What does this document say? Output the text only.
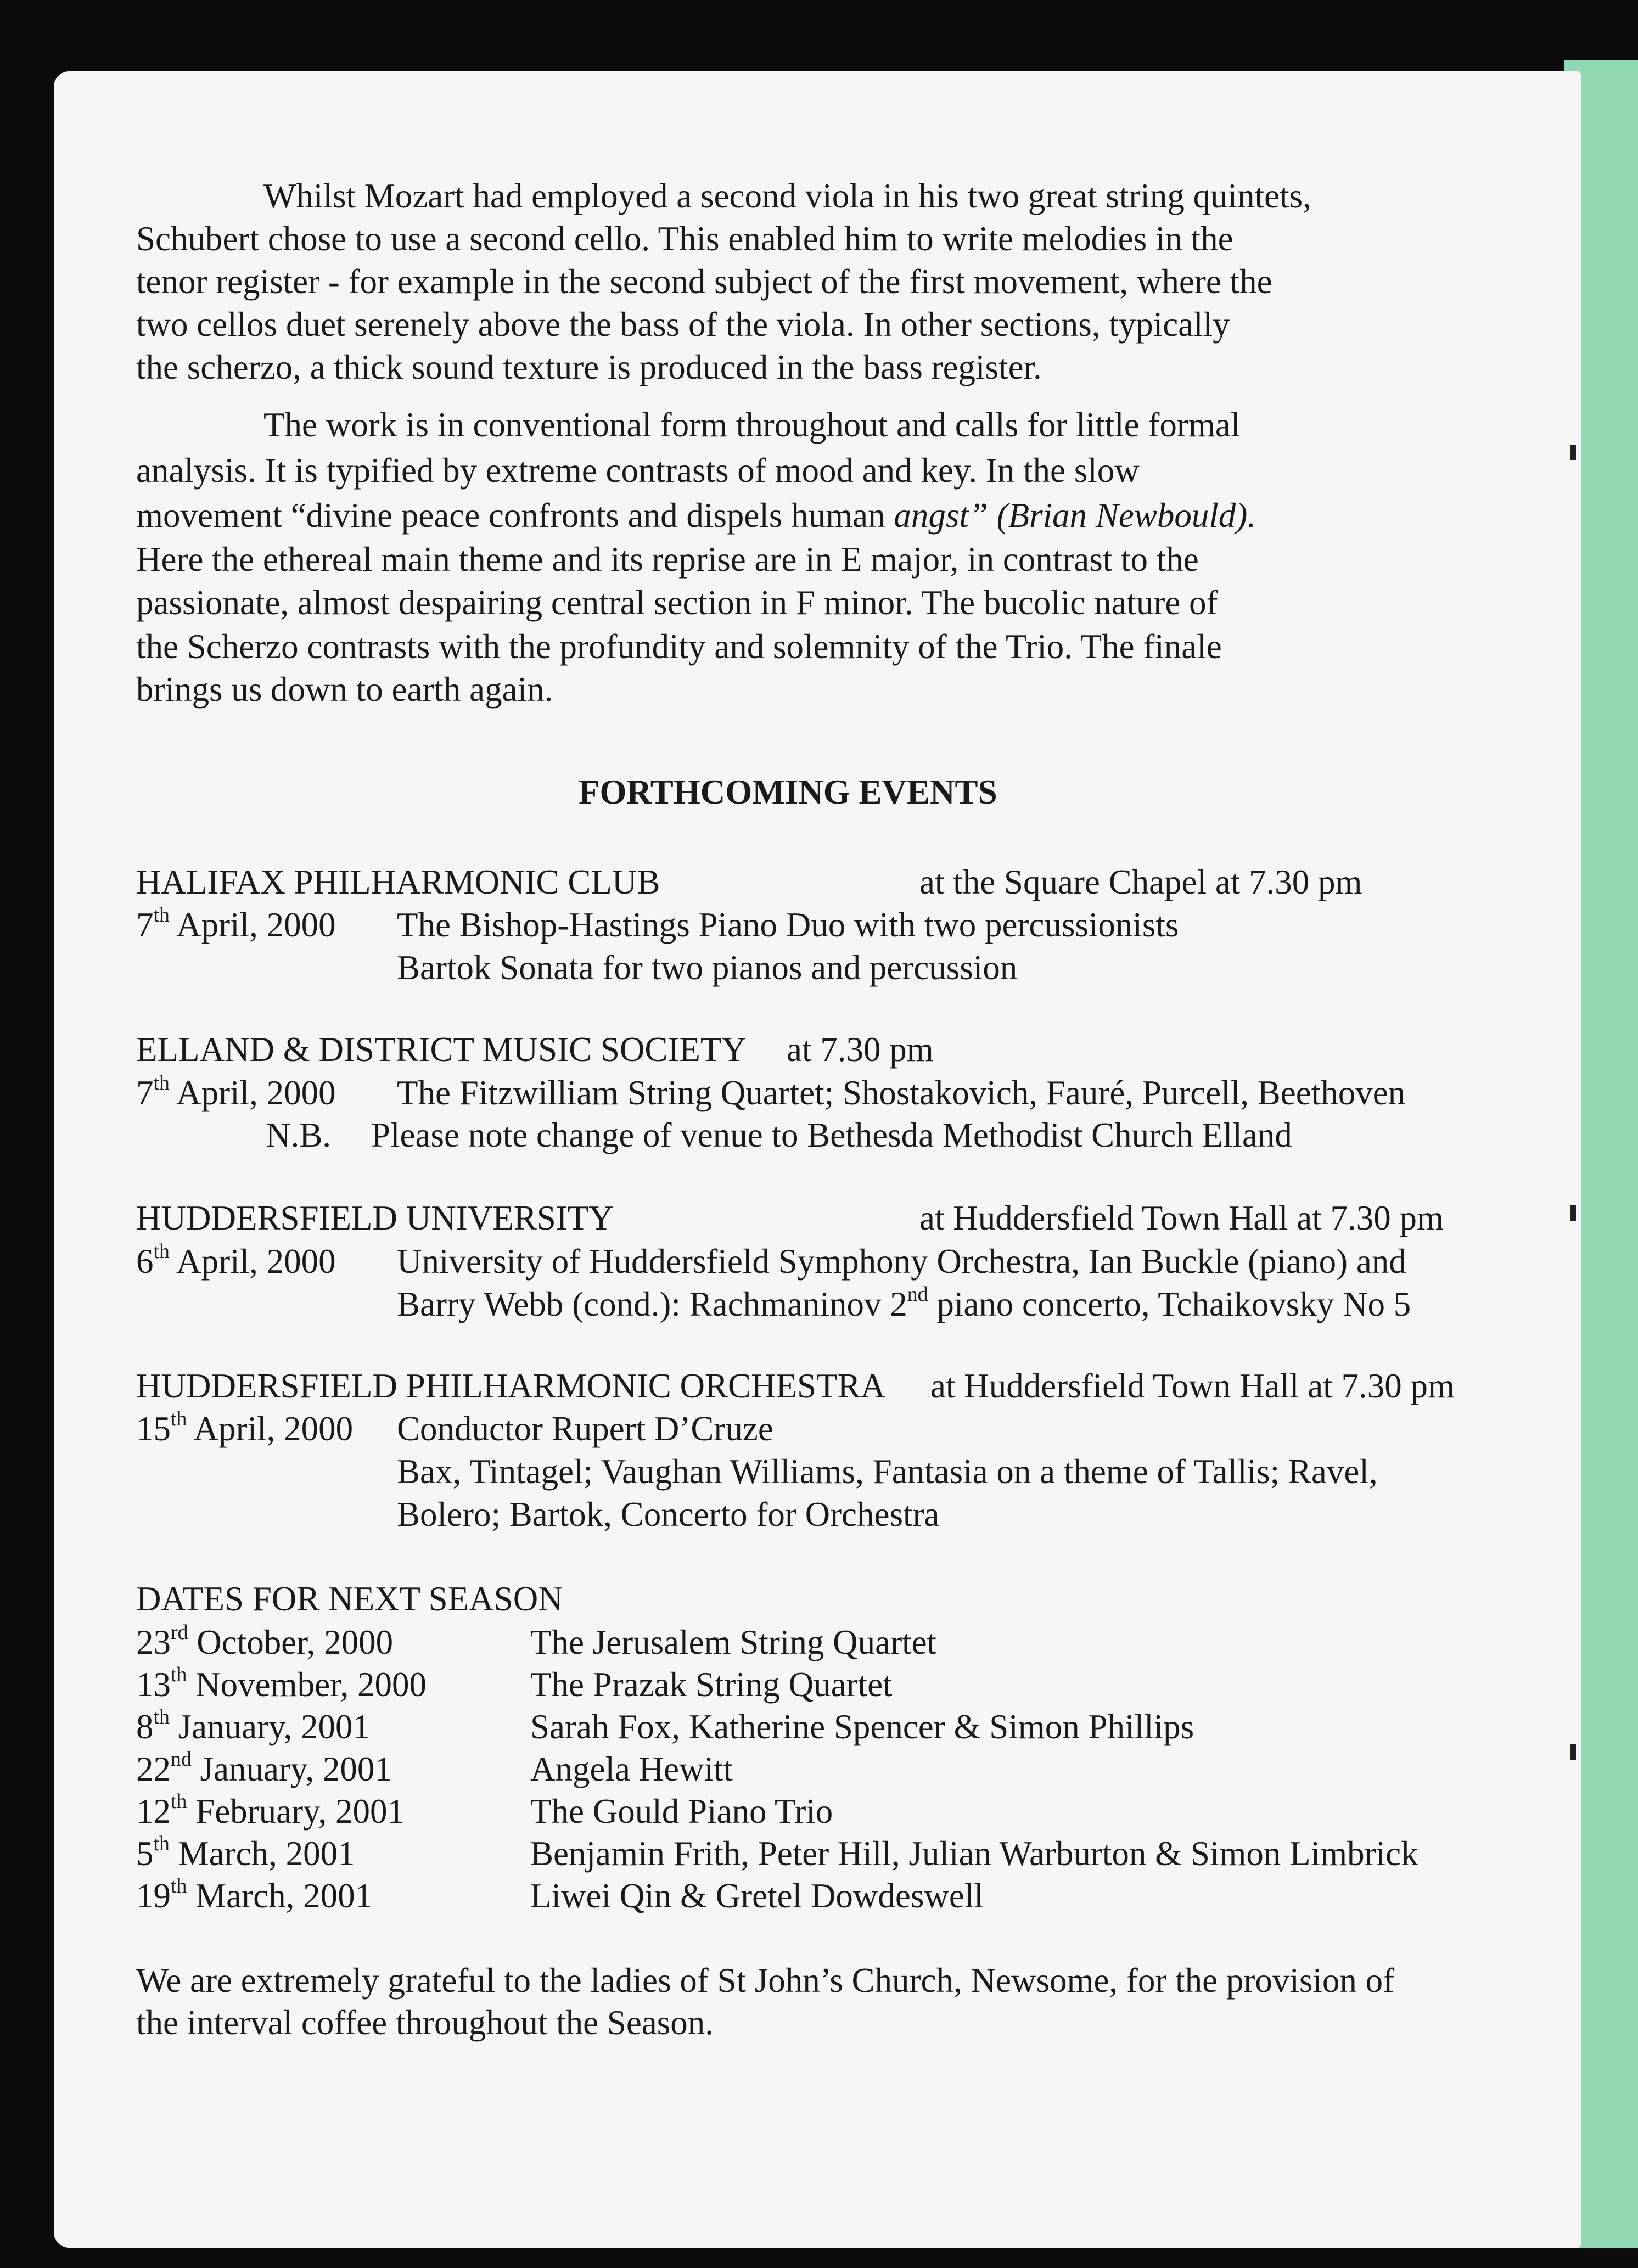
Whilst Mozart had employed a second viola in his two great string quintets,
Schubert chose to use a second cello. This enabled him to write melodies in the
tenor register - for example in the second subject of the first movement, where the
two cellos duet serenely above the bass of the viola. In other sections, typically
the scherzo, a thick sound texture is produced in the bass register.
The work is in conventional form throughout and calls for little formal
analysis. It is typified by extreme contrasts of mood and key. In the slow
movement “divine peace confronts and dispels human angst” (Brian Newbould).
Here the ethereal main theme and its reprise are in E major, in contrast to the
passionate, almost despairing central section in F minor. The bucolic nature of
the Scherzo contrasts with the profundity and solemnity of the Trio. The finale
brings us down to earth again.
FORTHCOMING EVENTS
HALIFAX PHILHARMONIC CLUB	at the Square Chapel at 7.30 pm
7th April, 2000 The Bishop-Hastings Piano Duo with two percussionists
Bartok Sonata for two pianos and percussion
ELLAND & DISTRICT MUSIC SOCIETY at 7.30 pm
7th April, 2000 The Fitzwilliam String Quartet; Shostakovich, Fauré, Purcell, Beethoven
N.B. Please note change of venue to Bethesda Methodist Church Elland
HUDDERSFIELD UNIVERSITY	at Huddersfield Town Hall at 7.30 pm
6th April, 2000 University of Huddersfield Symphony Orchestra, Ian Buckle (piano) and
Barry Webb (cond.): Rachmaninov 2nd piano concerto, Tchaikovsky No 5
HUDDERSFIELD PHILHARMONIC ORCHESTRA at Huddersfield Town Hall at 7.30 pm
15th April, 2000 Conductor Rupert D’Cruze
Bax, Tintagel; Vaughan Williams, Fantasia on a theme of Tallis; Ravel,
Bolero; Bartok, Concerto for Orchestra
DATES FOR NEXT SEASON
23rd October, 2000	The Jerusalem String Quartet
13th November, 2000	The Prazak String Quartet
8th January, 2001	Sarah Fox, Katherine Spencer & Simon Phillips
22nd January, 2001	Angela Hewitt
12th February, 2001	The Gould Piano Trio
5th March, 2001	Benjamin Frith, Peter Hill, Julian Warburton & Simon Limbrick
19th March, 2001	Liwei Qin & Gretel Dowdeswell
We are extremely grateful to the ladies of St John’s Church, Newsome, for the provision of
the interval coffee throughout the Season.
